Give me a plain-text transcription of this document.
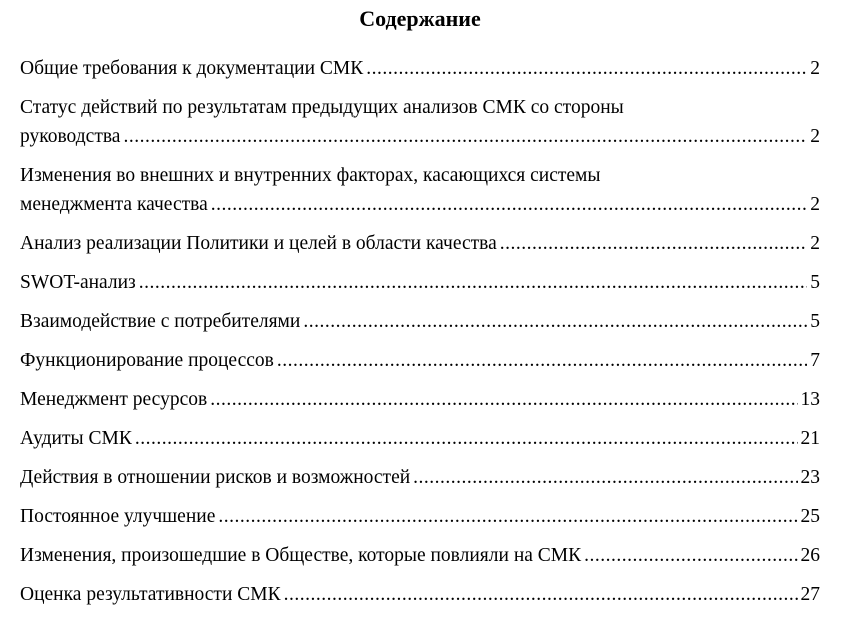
Содержание
Общие требования к документации СМК .....	2
Статус действий по результатам предыдущих анализов СМК со стороны
руководства .....	2
Изменения во внешних и внутренних факторах, касающихся системы
менеджмента качества .....	2
Анализ реализации Политики и целей в области качества .....	2
SWOT-анализ .....	5
Взаимодействие с потребителями .....	5
Функционирование процессов .....	7
Менеджмент ресурсов .....	13
Аудиты СМК .....	21
Действия в отношении рисков и возможностей .....	23
Постоянное улучшение .....	25
Изменения, произошедшие в Обществе, которые повлияли на СМК .....	26
Оценка результативности СМК .....	27
